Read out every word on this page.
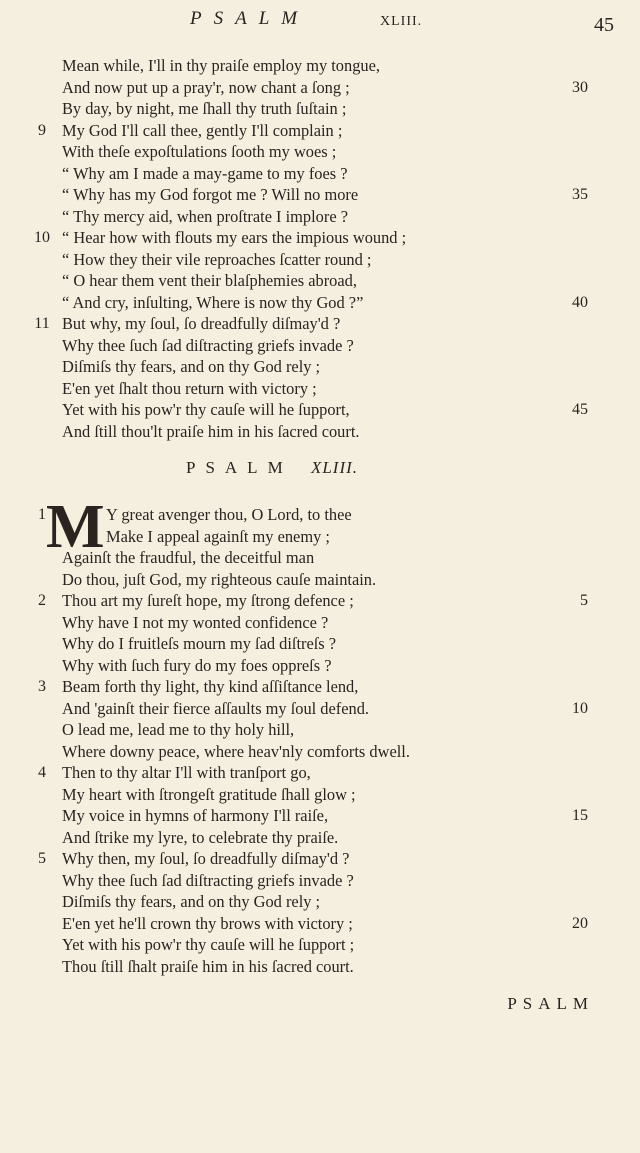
PSALM	XLIII.	45
Mean while, I'll in thy praiſe employ my tongue,
And now put up a pray'r, now chant a ſong ;	30
By day, by night, me ſhall thy truth ſuſtain ;
9 My God I'll call thee, gently I'll complain ;
With theſe expoſtulations ſooth my woes ;
“ Why am I made a may-game to my foes ?
“ Why has my God forgot me ? Will no more	35
“ Thy mercy aid, when proſtrate I implore ?
10 “ Hear how with flouts my ears the impious wound ;
“ How they their vile reproaches ſcatter round ;
“ O hear them vent their blaſphemies abroad,
“ And cry, inſulting, Where is now thy God ?”	40
11 But why, my ſoul, ſo dreadfully diſmay'd ?
Why thee ſuch ſad diſtracting griefs invade ?
Diſmiſs thy fears, and on thy God rely ;
E'en yet ſhalt thou return with victory ;
Yet with his pow'r thy cauſe will he ſupport,	45
And ſtill thou'lt praiſe him in his ſacred court.
PSALM XLIII.
M
1	Y great avenger thou, O Lord, to thee
Make I appeal againſt my enemy ;
Againſt the fraudful, the deceitful man
Do thou, juſt God, my righteous cauſe maintain.
2 Thou art my ſureſt hope, my ſtrong defence ;	5
Why have I not my wonted confidence ?
Why do I fruitleſs mourn my ſad diſtreſs ?
Why with ſuch fury do my foes oppreſs ?
3 Beam forth thy light, thy kind aſſiſtance lend,
And 'gainſt their fierce aſſaults my ſoul defend.	10
O lead me, lead me to thy holy hill,
Where downy peace, where heav'nly comforts dwell.
4 Then to thy altar I'll with tranſport go,
My heart with ſtrongeſt gratitude ſhall glow ;
My voice in hymns of harmony I'll raiſe,	15
And ſtrike my lyre, to celebrate thy praiſe.
5 Why then, my ſoul, ſo dreadfully diſmay'd ?
Why thee ſuch ſad diſtracting griefs invade ?
Diſmiſs thy fears, and on thy God rely ;
E'en yet he'll crown thy brows with victory ;	20
Yet with his pow'r thy cauſe will he ſupport ;
Thou ſtill ſhalt praiſe him in his ſacred court.
PSALM
